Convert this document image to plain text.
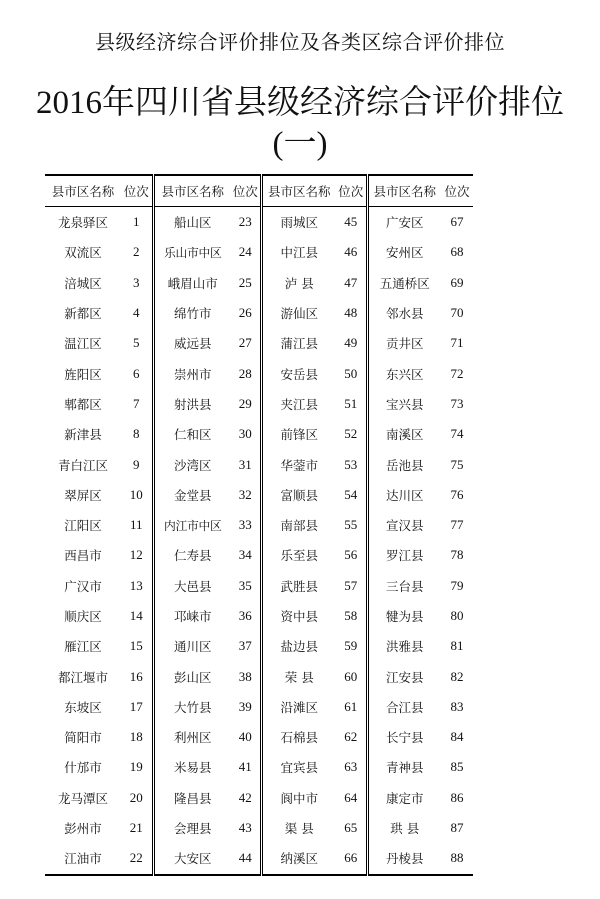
县级经济综合评价排位及各类区综合评价排位
2016年四川省县级经济综合评价排位
(一)
县市区名称	位次	县市区名称	位次	县市区名称	位次	县市区名称	位次
龙泉驿区	1	船山区	23	雨城区	45	广安区	67
双流区	2	乐山市中区	24	中江县	46	安州区	68
涪城区	3	峨眉山市	25	泸 县	47	五通桥区	69
新都区	4	绵竹市	26	游仙区	48	邻水县	70
温江区	5	威远县	27	蒲江县	49	贡井区	71
旌阳区	6	崇州市	28	安岳县	50	东兴区	72
郫都区	7	射洪县	29	夹江县	51	宝兴县	73
新津县	8	仁和区	30	前锋区	52	南溪区	74
青白江区	9	沙湾区	31	华蓥市	53	岳池县	75
翠屏区	10	金堂县	32	富顺县	54	达川区	76
江阳区	11	内江市中区	33	南部县	55	宣汉县	77
西昌市	12	仁寿县	34	乐至县	56	罗江县	78
广汉市	13	大邑县	35	武胜县	57	三台县	79
顺庆区	14	邛崃市	36	资中县	58	犍为县	80
雁江区	15	通川区	37	盐边县	59	洪雅县	81
都江堰市	16	彭山区	38	荣 县	60	江安县	82
东坡区	17	大竹县	39	沿滩区	61	合江县	83
简阳市	18	利州区	40	石棉县	62	长宁县	84
什邡市	19	米易县	41	宜宾县	63	青神县	85
龙马潭区	20	隆昌县	42	阆中市	64	康定市	86
彭州市	21	会理县	43	渠 县	65	珙 县	87
江油市	22	大安区	44	纳溪区	66	丹棱县	88
